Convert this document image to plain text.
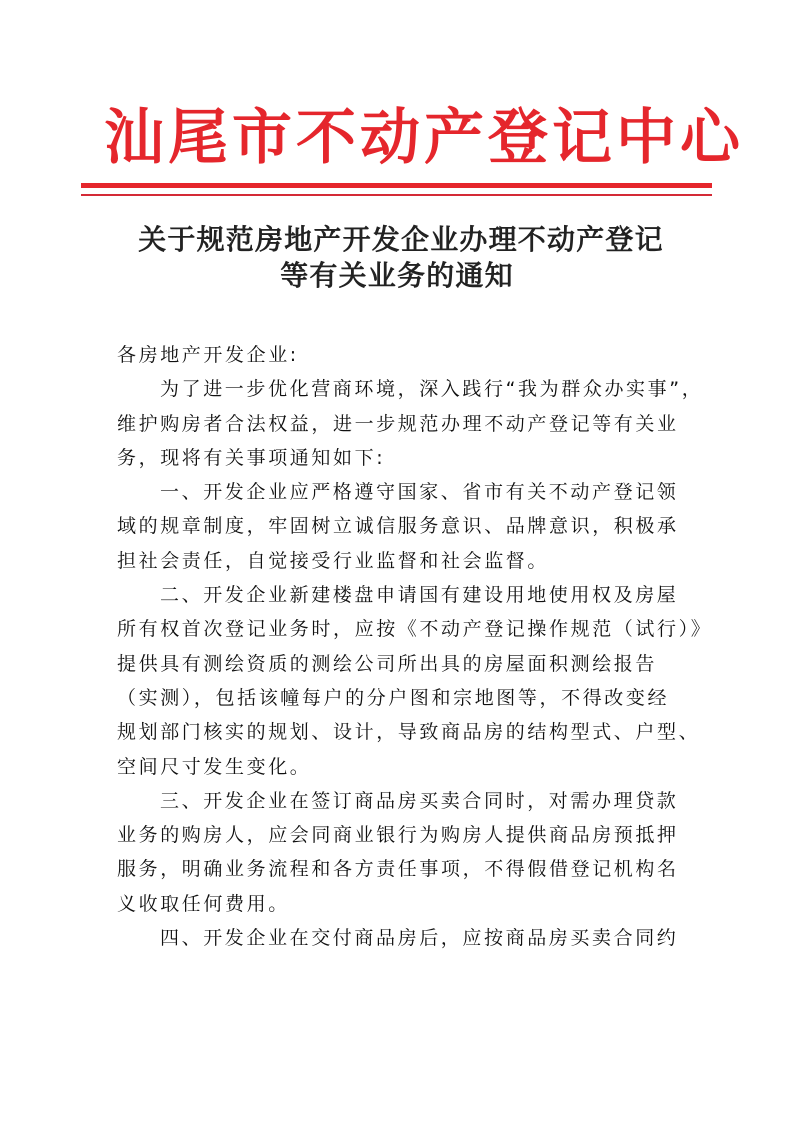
汕尾市不动产登记中心
关于规范房地产开发企业办理不动产登记
等有关业务的通知
各房地产开发企业:
为了进一步优化营商环境，深入践行“我为群众办实事”，
维护购房者合法权益，进一步规范办理不动产登记等有关业
务，现将有关事项通知如下:
一、开发企业应严格遵守国家、省市有关不动产登记领
域的规章制度，牢固树立诚信服务意识、品牌意识，积极承
担社会责任，自觉接受行业监督和社会监督。
二、开发企业新建楼盘申请国有建设用地使用权及房屋
所有权首次登记业务时，应按《不动产登记操作规范（试行）》
提供具有测绘资质的测绘公司所出具的房屋面积测绘报告
（实测），包括该幢每户的分户图和宗地图等，不得改变经
规划部门核实的规划、设计，导致商品房的结构型式、户型、
空间尺寸发生变化。
三、开发企业在签订商品房买卖合同时，对需办理贷款
业务的购房人，应会同商业银行为购房人提供商品房预抵押
服务，明确业务流程和各方责任事项，不得假借登记机构名
义收取任何费用。
四、开发企业在交付商品房后，应按商品房买卖合同约
